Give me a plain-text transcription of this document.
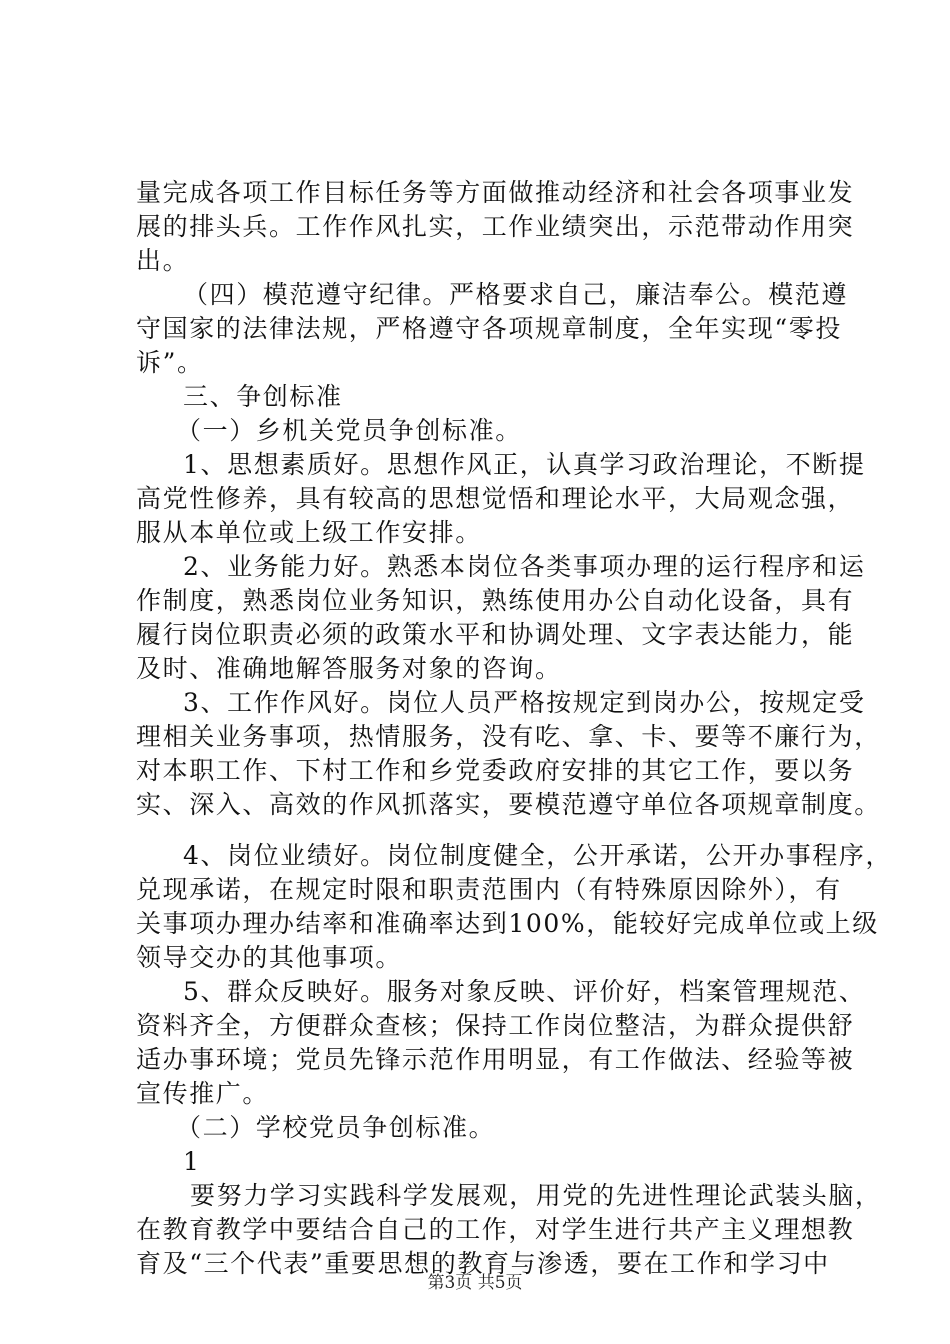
量完成各项工作目标任务等方面做推动经济和社会各项事业发
展的排头兵。工作作风扎实，工作业绩突出，示范带动作用突
出。
（四）模范遵守纪律。严格要求自己，廉洁奉公。模范遵
守国家的法律法规，严格遵守各项规章制度，全年实现“零投
诉”。
三、争创标准
（一）乡机关党员争创标准。
1、思想素质好。思想作风正，认真学习政治理论，不断提
高党性修养，具有较高的思想觉悟和理论水平，大局观念强，
服从本单位或上级工作安排。
2、业务能力好。熟悉本岗位各类事项办理的运行程序和运
作制度，熟悉岗位业务知识，熟练使用办公自动化设备，具有
履行岗位职责必须的政策水平和协调处理、文字表达能力，能
及时、准确地解答服务对象的咨询。
3、工作作风好。岗位人员严格按规定到岗办公，按规定受
理相关业务事项，热情服务，没有吃、拿、卡、要等不廉行为，
对本职工作、下村工作和乡党委政府安排的其它工作，要以务
实、深入、高效的作风抓落实，要模范遵守单位各项规章制度。
4、岗位业绩好。岗位制度健全，公开承诺，公开办事程序，
兑现承诺，在规定时限和职责范围内（有特殊原因除外），有
关事项办理办结率和准确率达到100%，能较好完成单位或上级
领导交办的其他事项。
5、群众反映好。服务对象反映、评价好，档案管理规范、
资料齐全，方便群众查核；保持工作岗位整洁，为群众提供舒
适办事环境；党员先锋示范作用明显，有工作做法、经验等被
宣传推广。
（二）学校党员争创标准。
1
要努力学习实践科学发展观，用党的先进性理论武装头脑，
在教育教学中要结合自己的工作，对学生进行共产主义理想教
育及“三个代表”重要思想的教育与渗透，要在工作和学习中
第3页 共5页
